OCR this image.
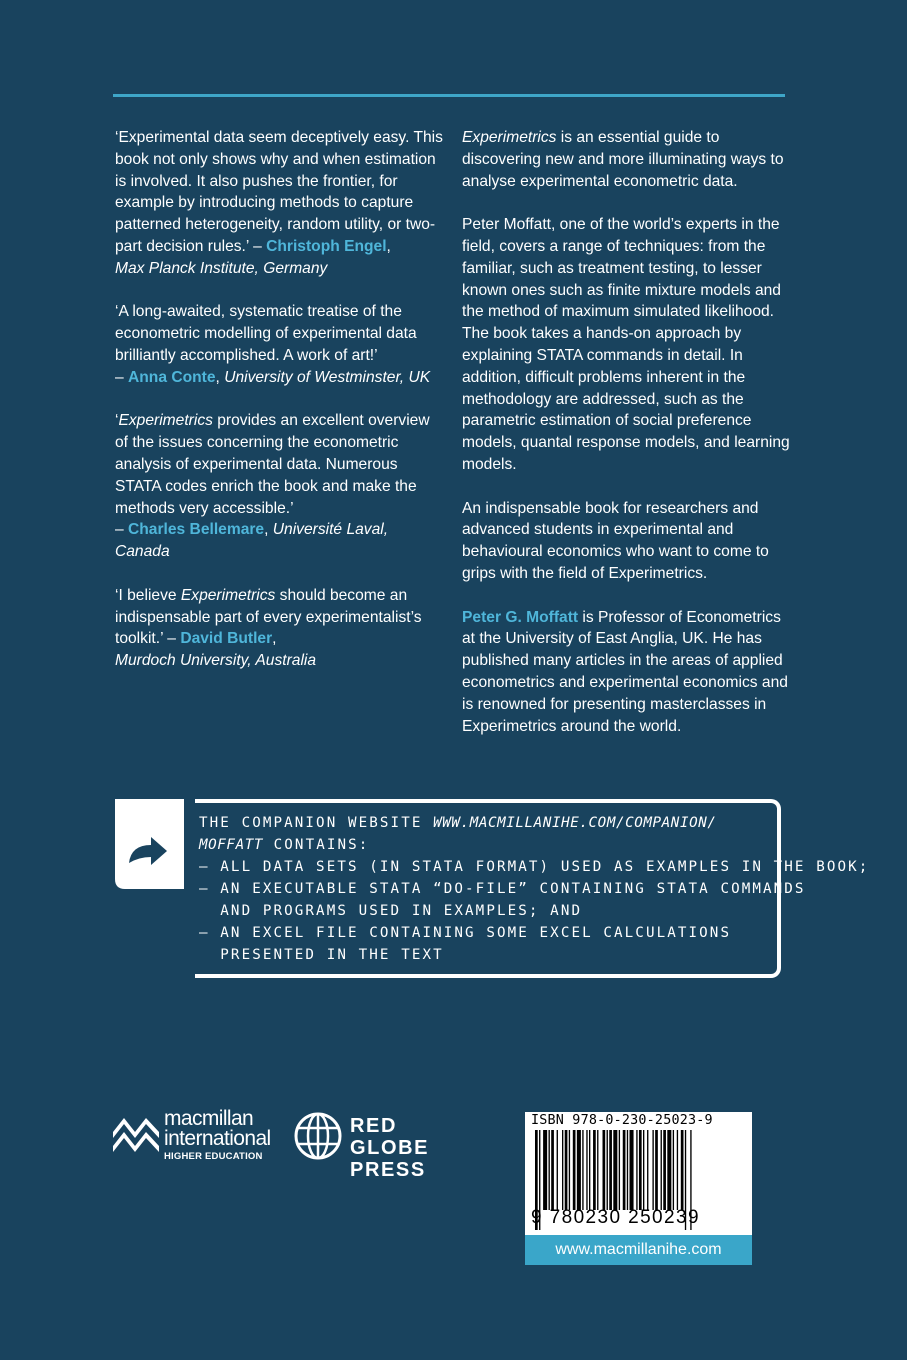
‘Experimental data seem deceptively easy. This book not only shows why and when estimation is involved. It also pushes the frontier, for example by introducing methods to capture patterned heterogeneity, random utility, or two-part decision rules.’ – Christoph Engel,
Max Planck Institute, Germany

‘A long-awaited, systematic treatise of the econometric modelling of experimental data brilliantly accomplished. A work of art!’
– Anna Conte, University of Westminster, UK

‘Experimetrics provides an excellent overview of the issues concerning the econometric analysis of experimental data. Numerous STATA codes enrich the book and make the methods very accessible.’
– Charles Bellemare, Université Laval, Canada

‘I believe Experimetrics should become an indispensable part of every experimentalist’s toolkit.’ – David Butler,
Murdoch University, Australia

Experimetrics is an essential guide to discovering new and more illuminating ways to analyse experimental econometric data.

Peter Moffatt, one of the world’s experts in the field, covers a range of techniques: from the familiar, such as treatment testing, to lesser known ones such as finite mixture models and the method of maximum simulated likelihood. The book takes a hands-on approach by explaining STATA commands in detail. In addition, difficult problems inherent in the methodology are addressed, such as the parametric estimation of social preference models, quantal response models, and learning models.

An indispensable book for researchers and advanced students in experimental and behavioural economics who want to come to grips with the field of Experimetrics.

Peter G. Moffatt is Professor of Econometrics at the University of East Anglia, UK. He has published many articles in the areas of applied econometrics and experimental economics and is renowned for presenting masterclasses in Experimetrics around the world.

THE COMPANION WEBSITE WWW.MACMILLANIHE.COM/COMPANION/
MOFFATT CONTAINS:
– ALL DATA SETS (IN STATA FORMAT) USED AS EXAMPLES IN THE BOOK;
– AN EXECUTABLE STATA “DO-FILE” CONTAINING STATA COMMANDS
AND PROGRAMS USED IN EXAMPLES; AND
– AN EXCEL FILE CONTAINING SOME EXCEL CALCULATIONS
PRESENTED IN THE TEXT
macmillan
international
HIGHER EDUCATION
RED GLOBE
PRESS
ISBN 978-0-230-25023-9
9 780230 250239
www.macmillanihe.com
